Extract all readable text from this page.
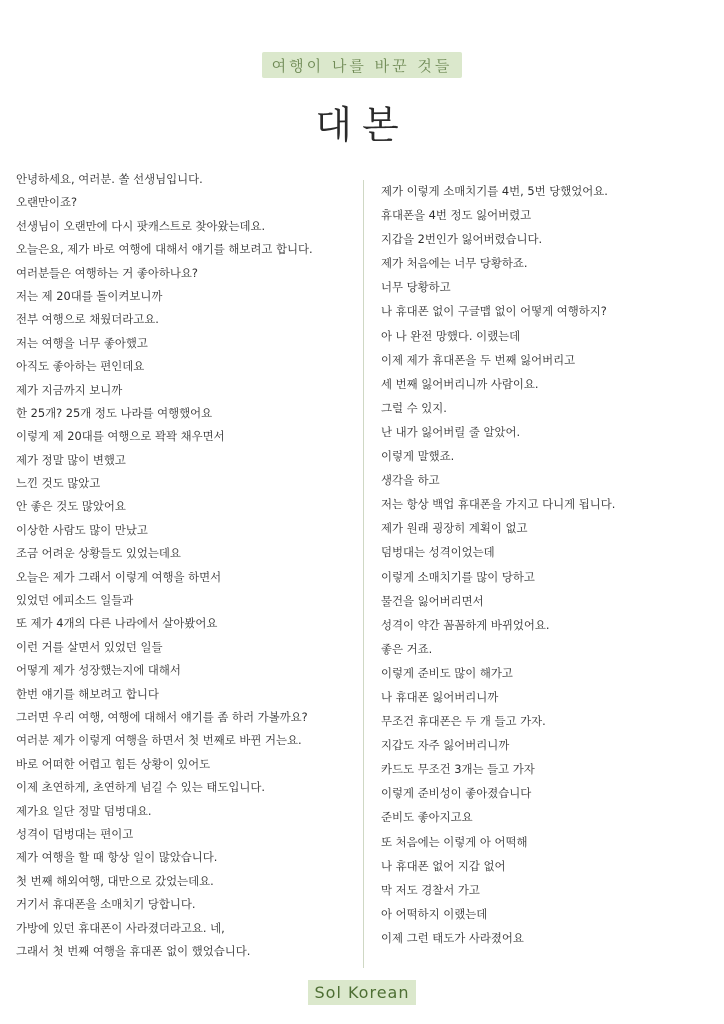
여행이 나를 바꾼 것들
대본
안녕하세요, 여러분. 쏠 선생님입니다.
오랜만이죠?
선생님이 오랜만에 다시 팟캐스트로 찾아왔는데요.
오늘은요, 제가 바로 여행에 대해서 얘기를 해보려고 합니다.
여러분들은 여행하는 거 좋아하나요?
저는 제 20대를 돌이켜보니까
전부 여행으로 채웠더라고요.
저는 여행을 너무 좋아했고
아직도 좋아하는 편인데요
제가 지금까지 보니까
한 25개? 25개 정도 나라를 여행했어요
이렇게 제 20대를 여행으로 꽉꽉 채우면서
제가 정말 많이 변했고
느낀 것도 많았고
안 좋은 것도 많았어요
이상한 사람도 많이 만났고
조금 어려운 상황들도 있었는데요
오늘은 제가 그래서 이렇게 여행을 하면서
있었던 에피소드 일들과
또 제가 4개의 다른 나라에서 살아봤어요
이런 거를 살면서 있었던 일들
어떻게 제가 성장했는지에 대해서
한번 얘기를 해보려고 합니다
그러면 우리 여행, 여행에 대해서 얘기를 좀 하러 가볼까요?
여러분 제가 이렇게 여행을 하면서 첫 번째로 바뀐 거는요.
바로 어떠한 어렵고 힘든 상황이 있어도
이제 초연하게, 초연하게 넘길 수 있는 태도입니다.
제가요 일단 정말 덤벙대요.
성격이 덤벙대는 편이고
제가 여행을 할 때 항상 일이 많았습니다.
첫 번째 해외여행, 대만으로 갔었는데요.
거기서 휴대폰을 소매치기 당합니다.
가방에 있던 휴대폰이 사라졌더라고요. 네,
그래서 첫 번째 여행을 휴대폰 없이 했었습니다.
제가 이렇게 소매치기를 4번, 5번 당했었어요.
휴대폰을 4번 정도 잃어버렸고
지갑을 2번인가 잃어버렸습니다.
제가 처음에는 너무 당황하죠.
너무 당황하고
나 휴대폰 없이 구글맵 없이 어떻게 여행하지?
아 나 완전 망했다. 이랬는데
이제 제가 휴대폰을 두 번째 잃어버리고
세 번째 잃어버리니까 사람이요.
그럴 수 있지.
난 내가 잃어버릴 줄 알았어.
이렇게 말했죠.
생각을 하고
저는 항상 백업 휴대폰을 가지고 다니게 됩니다.
제가 원래 굉장히 계획이 없고
덤벙대는 성격이었는데
이렇게 소매치기를 많이 당하고
물건을 잃어버리면서
성격이 약간 꼼꼼하게 바뀌었어요.
좋은 거죠.
이렇게 준비도 많이 해가고
나 휴대폰 잃어버리니까
무조건 휴대폰은 두 개 들고 가자.
지갑도 자주 잃어버리니까
카드도 무조건 3개는 들고 가자
이렇게 준비성이 좋아졌습니다
준비도 좋아지고요
또 처음에는 이렇게 아 어떡해
나 휴대폰 없어 지갑 없어
막 저도 경찰서 가고
아 어떡하지 이랬는데
이제 그런 태도가 사라졌어요
Sol Korean
